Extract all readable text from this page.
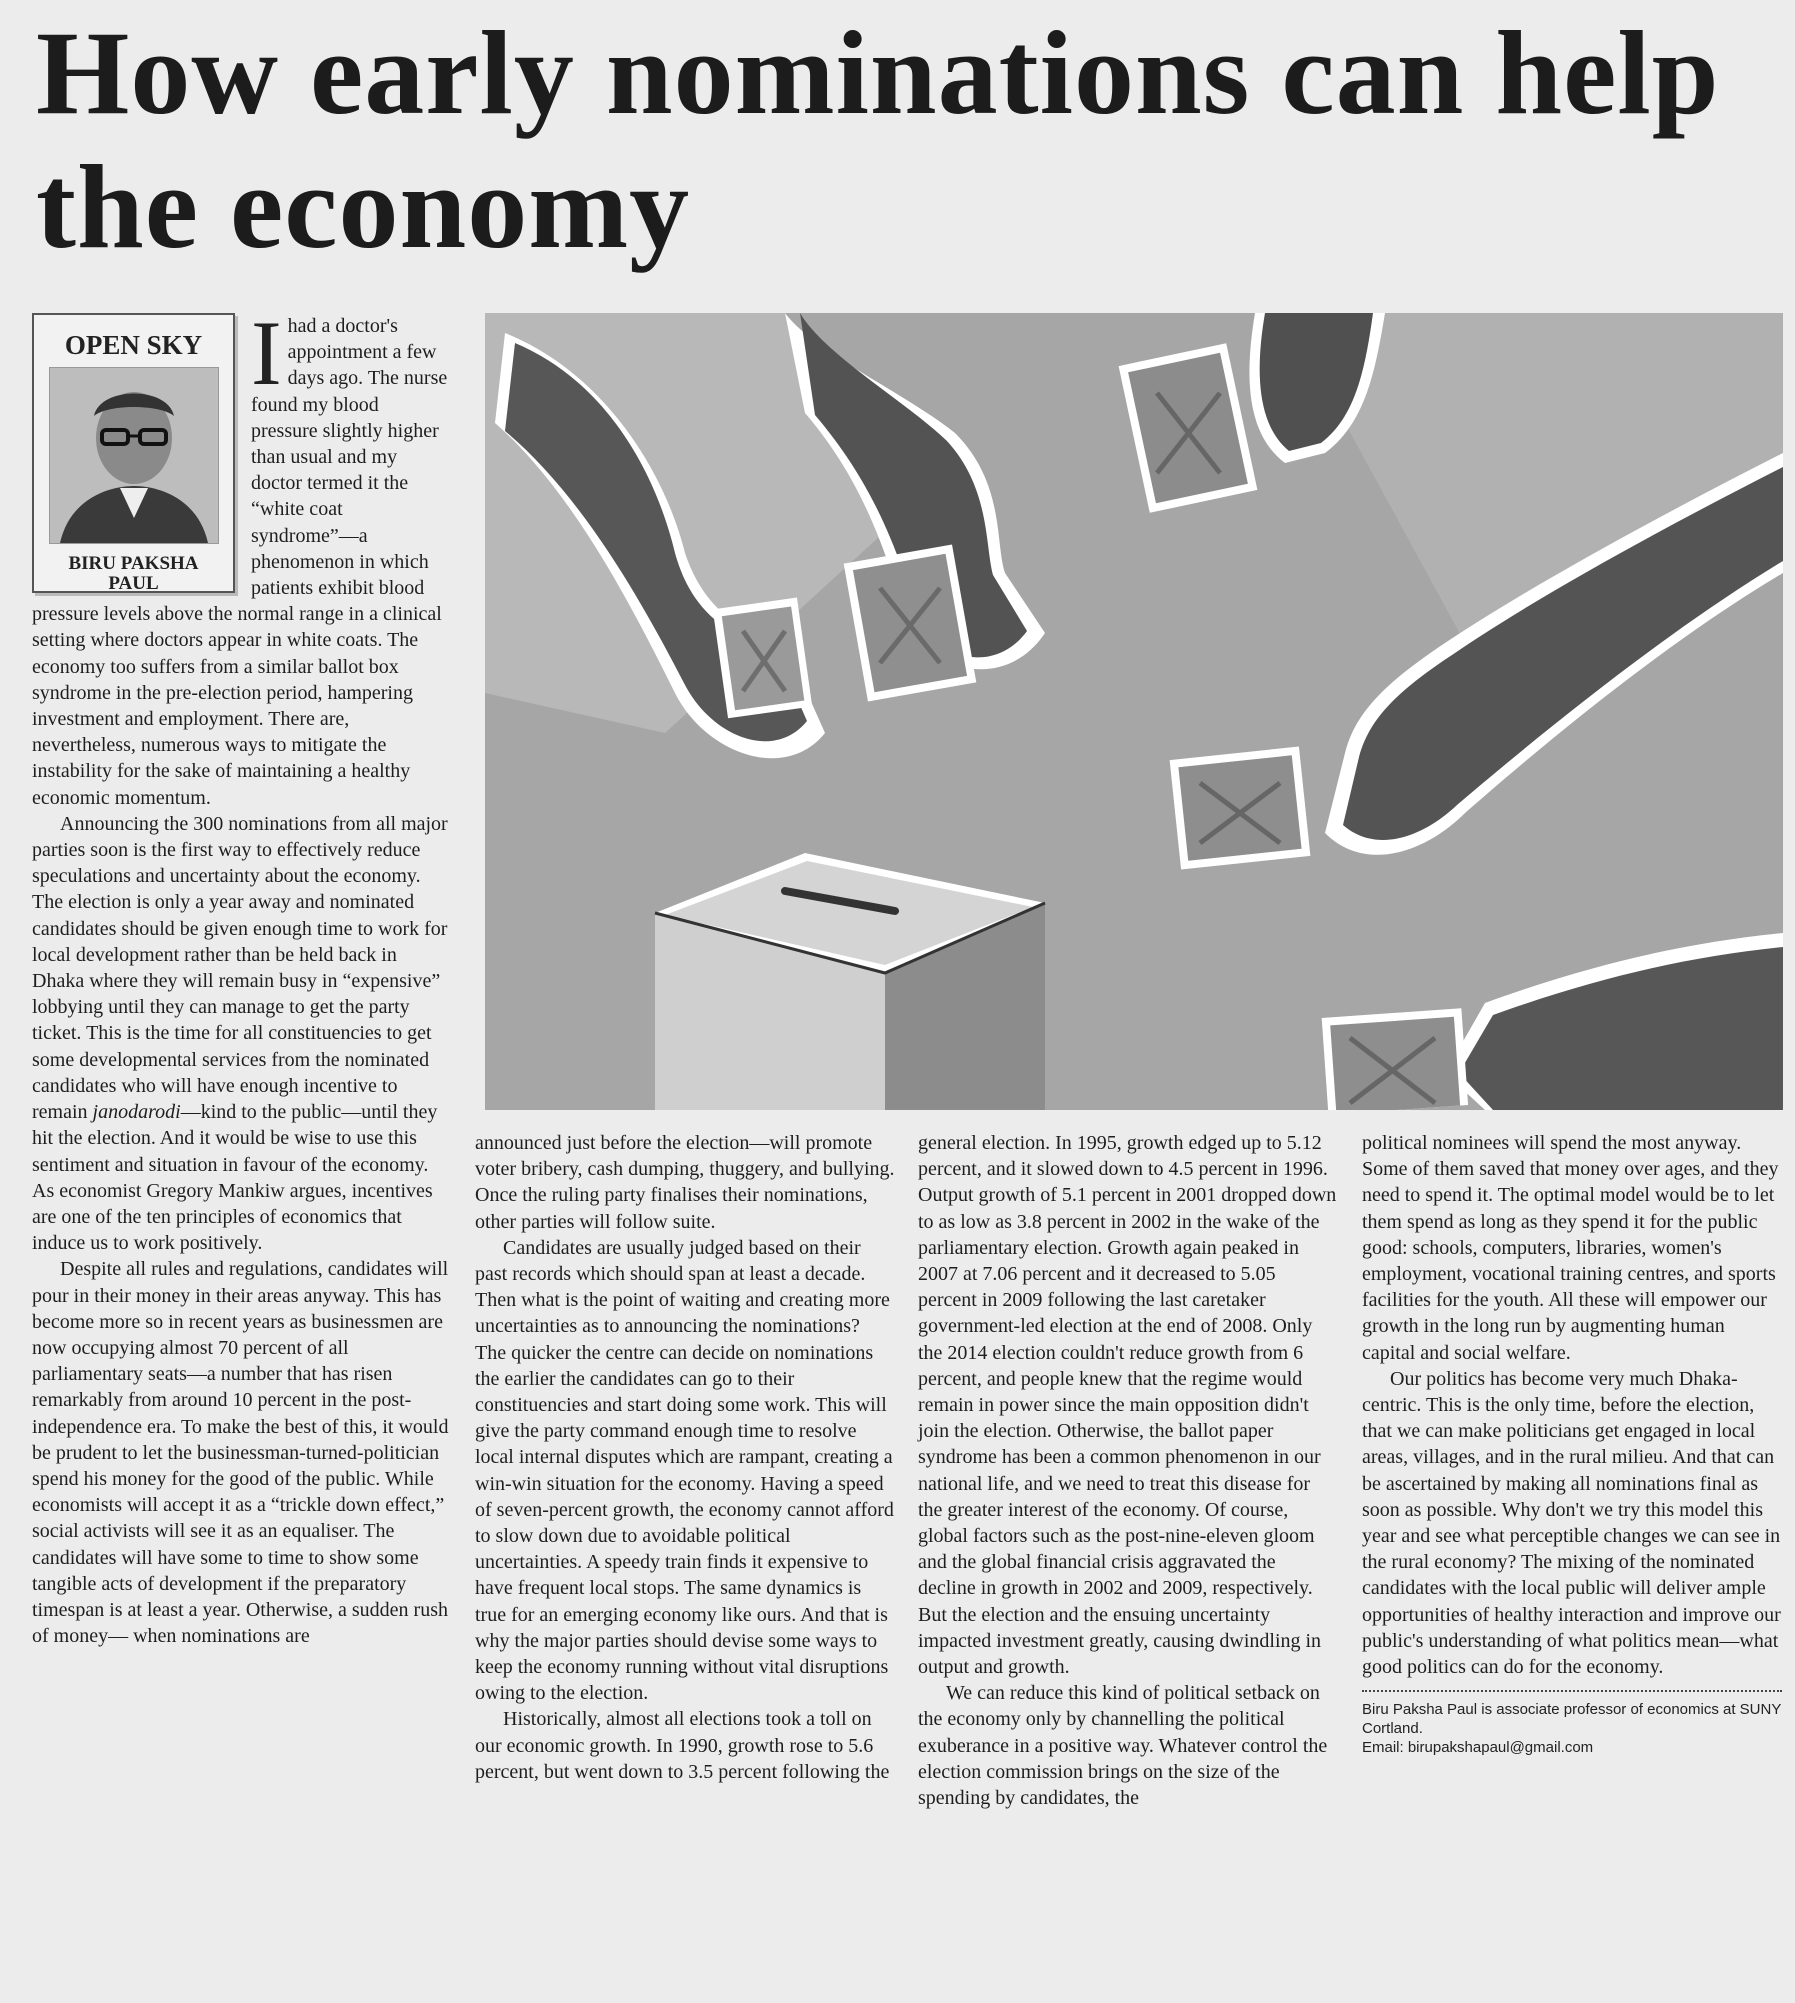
How early nominations can help the economy
OPEN SKY
BIRU PAKSHA PAUL

Ihad a doctor's appointment a few days ago. The nurse found my blood pressure slightly higher than usual and my doctor termed it the “white coat syndrome”—a phenomenon in which patients exhibit blood pressure levels above the normal range in a clinical setting where doctors appear in white coats. The economy too suffers from a similar ballot box syndrome in the pre-election period, hampering investment and employment. There are, nevertheless, numerous ways to mitigate the instability for the sake of maintaining a healthy economic momentum.

Announcing the 300 nominations from all major parties soon is the first way to effectively reduce speculations and uncertainty about the economy. The election is only a year away and nominated candidates should be given enough time to work for local development rather than be held back in Dhaka where they will remain busy in “expensive” lobbying until they can manage to get the party ticket. This is the time for all constituencies to get some developmental services from the nominated candidates who will have enough incentive to remain janodarodi—kind to the public—until they hit the election. And it would be wise to use this sentiment and situation in favour of the economy. As economist Gregory Mankiw argues, incentives are one of the ten principles of economics that induce us to work positively.

Despite all rules and regulations, candidates will pour in their money in their areas anyway. This has become more so in recent years as businessmen are now occupying almost 70 percent of all parliamentary seats—a number that has risen remarkably from around 10 percent in the post-independence era. To make the best of this, it would be prudent to let the businessman-turned-politician spend his money for the good of the public. While economists will accept it as a “trickle down effect,” social activists will see it as an equaliser. The candidates will have some to time to show some tangible acts of development if the preparatory timespan is at least a year. Otherwise, a sudden rush of money— when nominations are

announced just before the election—will promote voter bribery, cash dumping, thuggery, and bullying. Once the ruling party finalises their nominations, other parties will follow suite.

Candidates are usually judged based on their past records which should span at least a decade. Then what is the point of waiting and creating more uncertainties as to announcing the nominations? The quicker the centre can decide on nominations the earlier the candidates can go to their constituencies and start doing some work. This will give the party command enough time to resolve local internal disputes which are rampant, creating a win-win situation for the economy. Having a speed of seven-percent growth, the economy cannot afford to slow down due to avoidable political uncertainties. A speedy train finds it expensive to have frequent local stops. The same dynamics is true for an emerging economy like ours. And that is why the major parties should devise some ways to keep the economy running without vital disruptions owing to the election.

Historically, almost all elections took a toll on our economic growth. In 1990, growth rose to 5.6 percent, but went down to 3.5 percent following the

general election. In 1995, growth edged up to 5.12 percent, and it slowed down to 4.5 percent in 1996. Output growth of 5.1 percent in 2001 dropped down to as low as 3.8 percent in 2002 in the wake of the parliamentary election. Growth again peaked in 2007 at 7.06 percent and it decreased to 5.05 percent in 2009 following the last caretaker government-led election at the end of 2008. Only the 2014 election couldn't reduce growth from 6 percent, and people knew that the regime would remain in power since the main opposition didn't join the election. Otherwise, the ballot paper syndrome has been a common phenomenon in our national life, and we need to treat this disease for the greater interest of the economy. Of course, global factors such as the post-nine-eleven gloom and the global financial crisis aggravated the decline in growth in 2002 and 2009, respectively. But the election and the ensuing uncertainty impacted investment greatly, causing dwindling in output and growth.

We can reduce this kind of political setback on the economy only by channelling the political exuberance in a positive way. Whatever control the election commission brings on the size of the spending by candidates, the

political nominees will spend the most anyway. Some of them saved that money over ages, and they need to spend it. The optimal model would be to let them spend as long as they spend it for the public good: schools, computers, libraries, women's employment, vocational training centres, and sports facilities for the youth. All these will empower our growth in the long run by augmenting human capital and social welfare.

Our politics has become very much Dhaka-centric. This is the only time, before the election, that we can make politicians get engaged in local areas, villages, and in the rural milieu. And that can be ascertained by making all nominations final as soon as possible. Why don't we try this model this year and see what perceptible changes we can see in the rural economy? The mixing of the nominated candidates with the local public will deliver ample opportunities of healthy interaction and improve our public's understanding of what politics mean—what good politics can do for the economy.

Biru Paksha Paul is associate professor of economics at SUNY Cortland.
Email: birupakshapaul@gmail.com
